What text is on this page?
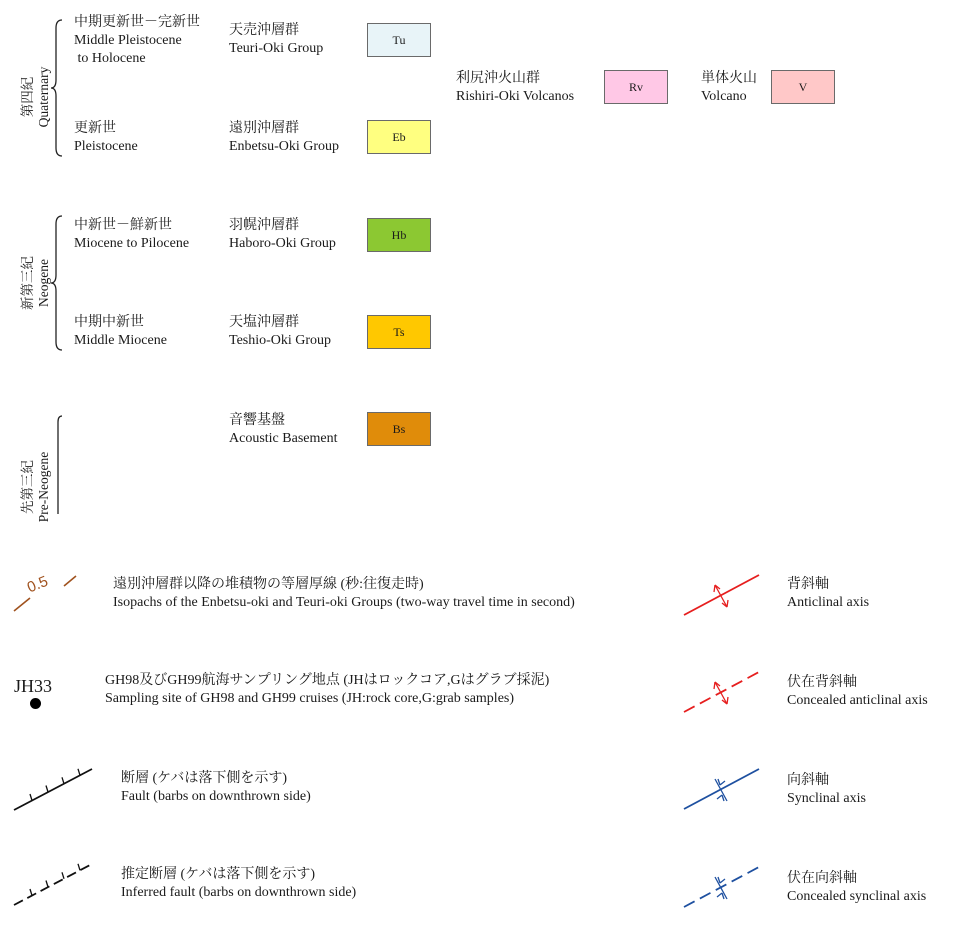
第四紀 Quaternary
新第三紀 Neogene
先第三紀 Pre-Neogene
中期更新世－完新世
Middle Pleistocene
to Holocene
更新世
Pleistocene
中新世－鮮新世
Miocene to Pilocene
中期中新世
Middle Miocene
天売沖層群
Teuri-Oki Group
Tu
遠別沖層群
Enbetsu-Oki Group
Eb
羽幌沖層群
Haboro-Oki Group
Hb
天塩沖層群
Teshio-Oki Group
Ts
音響基盤
Acoustic Basement
Bs
利尻沖火山群
Rishiri-Oki Volcanos
Rv
単体火山
Volcano
V
0.5	遠別沖層群以降の堆積物の等層厚線 (秒:往復走時)
Isopachs of the Enbetsu-oki and Teuri-oki Groups (two-way travel time in second)
JH33	GH98及びGH99航海サンプリング地点 (JHはロックコア,Gはグラブ採泥)
Sampling site of GH98 and GH99 cruises (JH:rock core,G:grab samples)
断層 (ケバは落下側を示す)
Fault (barbs on downthrown side)
推定断層 (ケバは落下側を示す)
Inferred fault (barbs on downthrown side)
背斜軸
Anticlinal axis
伏在背斜軸
Concealed anticlinal axis
向斜軸
Synclinal axis
伏在向斜軸
Concealed synclinal axis
